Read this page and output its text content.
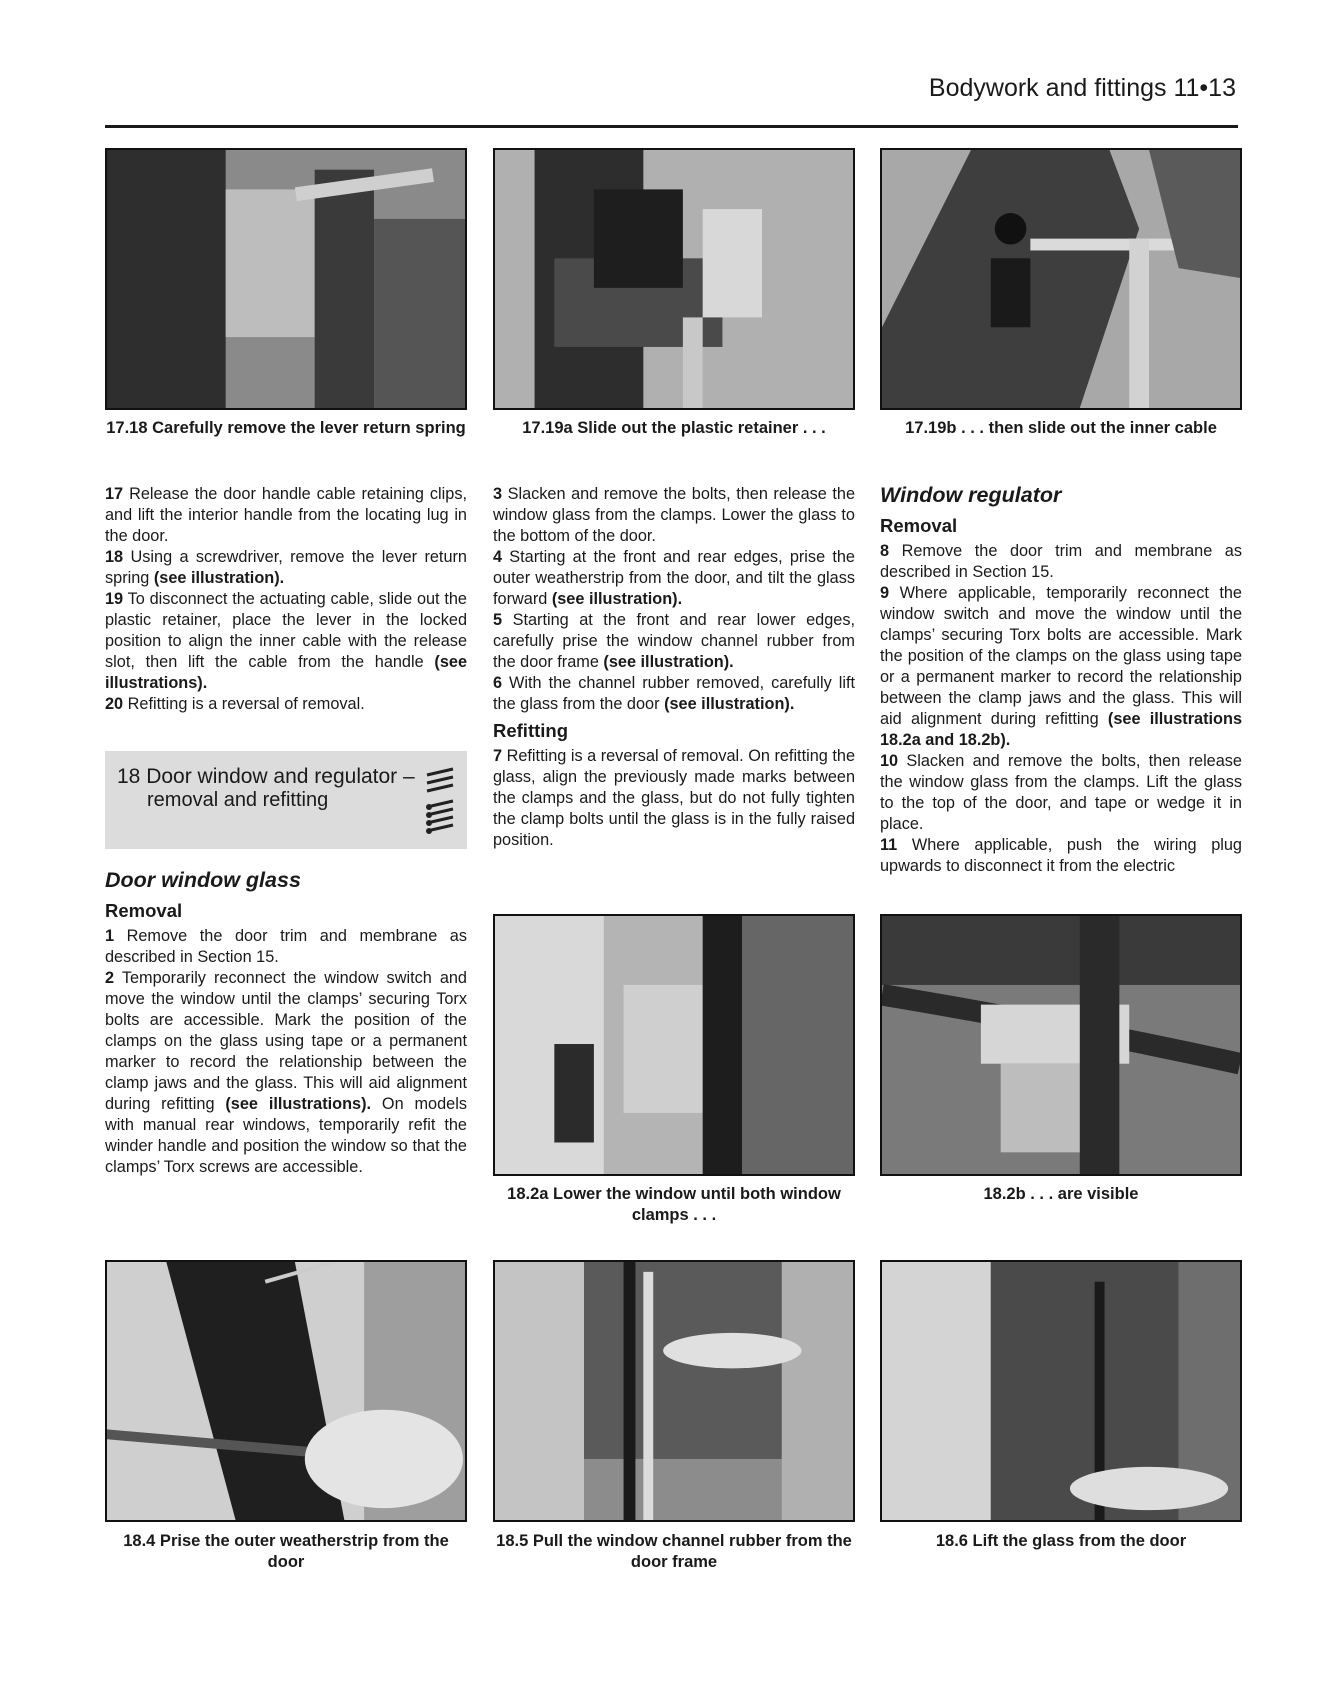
Bodywork and fittings 11•13
17.18 Carefully remove the lever return spring	17.19a Slide out the plastic retainer . . .	17.19b . . . then slide out the inner cable

17 Release the door handle cable retaining clips, and lift the interior handle from the locating lug in the door.

18 Using a screwdriver, remove the lever return spring (see illustration).

19 To disconnect the actuating cable, slide out the plastic retainer, place the lever in the locked position to align the inner cable with the release slot, then lift the cable from the handle (see illustrations).

20 Refitting is a reversal of removal.

18 Door window and regulator –
removal and refitting
Door window glass
Removal

1 Remove the door trim and membrane as described in Section 15.

2 Temporarily reconnect the window switch and move the window until the clamps’ securing Torx bolts are accessible. Mark the position of the clamps on the glass using tape or a permanent marker to record the relationship between the clamp jaws and the glass. This will aid alignment during refitting (see illustrations). On models with manual rear windows, temporarily refit the winder handle and position the window so that the clamps’ Torx screws are accessible.

3 Slacken and remove the bolts, then release the window glass from the clamps. Lower the glass to the bottom of the door.

4 Starting at the front and rear edges, prise the outer weatherstrip from the door, and tilt the glass forward (see illustration).

5 Starting at the front and rear lower edges, carefully prise the window channel rubber from the door frame (see illustration).

6 With the channel rubber removed, carefully lift the glass from the door (see illustration).

Refitting

7 Refitting is a reversal of removal. On refitting the glass, align the previously made marks between the clamps and the glass, but do not fully tighten the clamp bolts until the glass is in the fully raised position.

Window regulator
Removal

8 Remove the door trim and membrane as described in Section 15.

9 Where applicable, temporarily reconnect the window switch and move the window until the clamps’ securing Torx bolts are accessible. Mark the position of the clamps on the glass using tape or a permanent marker to record the relationship between the clamp jaws and the glass. This will aid alignment during refitting (see illustrations 18.2a and 18.2b).

10 Slacken and remove the bolts, then release the window glass from the clamps. Lift the glass to the top of the door, and tape or wedge it in place.

11 Where applicable, push the wiring plug upwards to disconnect it from the electric

18.2a Lower the window until both window clamps . . .
18.2b . . . are visible
18.4 Prise the outer weatherstrip from the door
18.5 Pull the window channel rubber from the door frame
18.6 Lift the glass from the door
